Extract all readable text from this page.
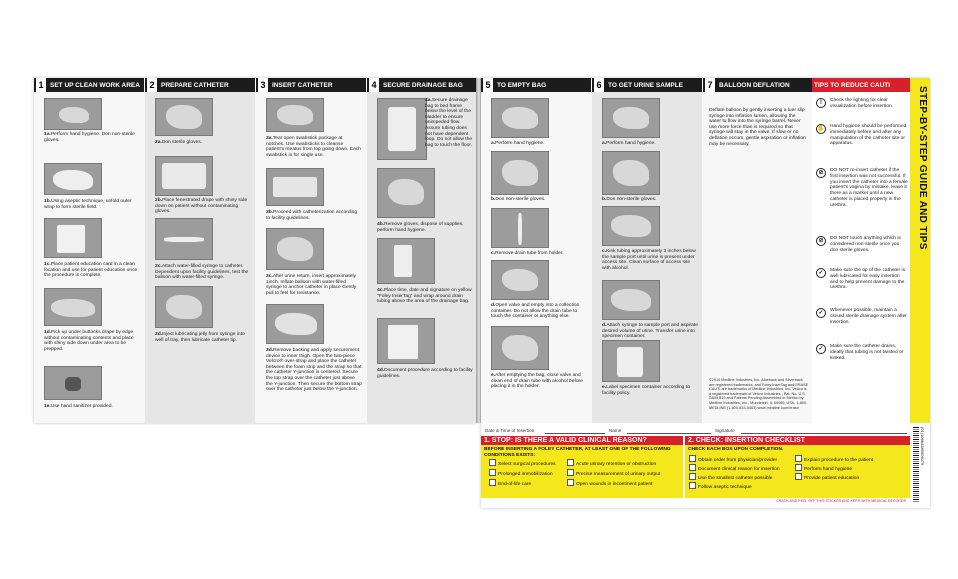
1	SET UP CLEAN WORK AREA
1a.Perform hand hygiene. Don non-sterile gloves.
1b.Using aseptic technique, unfold outer wrap to form sterile field.
1c.Place patient education card in a clean location and use for patient education once the procedure is complete.
1d.Pick up under buttocks drape by edge without contaminating contents and place with shiny side down under area to be prepped.
1e.Use hand sanitizer provided.
2	PREPARE CATHETER
2a.Don sterile gloves.
2b.Place fenestrated drape with shiny side down on patient without contaminating gloves.
2c.Attach water-filled syringe to catheter. Dependent upon facility guidelines, test the balloon with water-filled syringe.
2d.Inject lubricating jelly from syringe into well of tray, then lubricate catheter tip.
3	INSERT CATHETER
3a.Tear open swabstick package at notches. Use swabsticks to cleanse patient's meatus from top going down. Each swabstick is for single use.
3b.Proceed with catheterization according to facility guidelines.
3c.After urine return, insert approximately 1inch. Inflate balloon with water-filled syringe to anchor catheter in place Gently pull to feel for resistance.
3d.Remove backing and apply securement device to inner thigh. Open the two-piece Velcro® over-strap and place the catheter between the foam strip and the strap so that the catheter Y-junction is centered. Secure the top strap over the catheter just above the Y-junction. Then secure the bottom strap over the catheter just below the Y-junction.
4	SECURE DRAINAGE BAG
4a.Secure drainage bag to bed frame below the level of the bladder to ensure unimpeded flow. Assure tubing does not have dependent loop. Do not allow the bag to touch the floor.
4b.Remove gloves, dispose of supplies, perform hand hygiene.
4c.Place time, date and signature on yellow "Foley InserTag" and wrap around drain tubing above the area of the drainage bag.
4d.Document procedure according to facility guidelines.
5	TO EMPTY BAG
a.Perform hand hygiene.
b.Don non-sterile gloves.
c.Remove drain tube from holder.
d.Open valve and empty into a collection container. Do not allow the drain tube to touch the container or anything else.
e.After emptying the bag, close valve and clean end of drain tube with alcohol before placing it in the holder.
6	TO GET URINE SAMPLE
a.Perform hand hygiene.
b.Don non-sterile gloves.
c.Kink tubing approximately 3 inches below the sample port until urine is present under access site. Clean surface of access site with alcohol.
d.Attach syringe to sample port and aspirate desired volume of urine. Transfer urine into specimen container.
e.Label specimen container according to facility policy.
7	BALLOON DEFLATION
Deflate balloon by gently inserting a luer slip syringe into inflation lumen, allowing the water to flow into the syringe barrel. Never use more force than is required so that syringe will stay in the valve. If slow or no deflation occurs, gentle aspiration or inflation may be necessary.
©2010 Medline Industries, Inc. Aloeback and Silverback are registered trademarks, and Foley InserTag and ERASE CAUTI are trademarks of Medline Industries, Inc. Velcro is a registered trademark of Velcro Industries., Pat. No. U.S. D609,819 and Patents Pending Assembled in Mexico by Medline Industries, Inc., Mundelein, IL 60060, USA. 1-800-MEDLINE (1-800-633-5463) www.medline.com/erase
TIPS TO REDUCE CAUTI
!	Check the lighting for clear visualization before insertion.
✋ Hand hygiene should be performed immediately before and after any manipulation of the catheter site or apparatus.
⊘	DO NOT re-insert catheter if the first insertion was not successful. If you insert the catheter into a female patient's vagina by mistake, leave it there as a marker until a new catheter is placed properly in the urethra.
⊘	DO NOT touch anything which is considered non-sterile once you don sterile gloves.
✓	Make sure the tip of the catheter is well lubricated for easy insertion and to help prevent damage to the urethra.
✓	Whenever possible, maintain a closed sterile drainage system after insertion.
✓	Make sure the catheter drains, ideally that tubing is not twisted or kinked.
STEP-BY-STEP GUIDE AND TIPS
Date & Time of Insertion	Name	Signature
1. STOP: IS THERE A VALID CLINICAL REASON?
BEFORE INSERTING A FOLEY CATHETER, AT LEAST ONE OF THE FOLLOWING CONDITIONS EXISTS:
Select surgical procedures	Acute urinary retention or obstruction
Prolonged immobilization	Precise measurement of urinary output
End-of-life care	Open wounds in incontinent patient
2. CHECK: INSERTION CHECKLIST
CHECK EACH BOX UPON COMPLETION.
Obtain order from physician/provider	Explain procedure to the patient
Document clinical reason for insertion	Perform hand hygiene
Use the smallest catheter possible	Provide patient education
Follow aseptic technique
CRACK AND PEEL OFF THIS STICKER AND KEEP WITH MEDICAL RECORDS
(01)10884389506079
